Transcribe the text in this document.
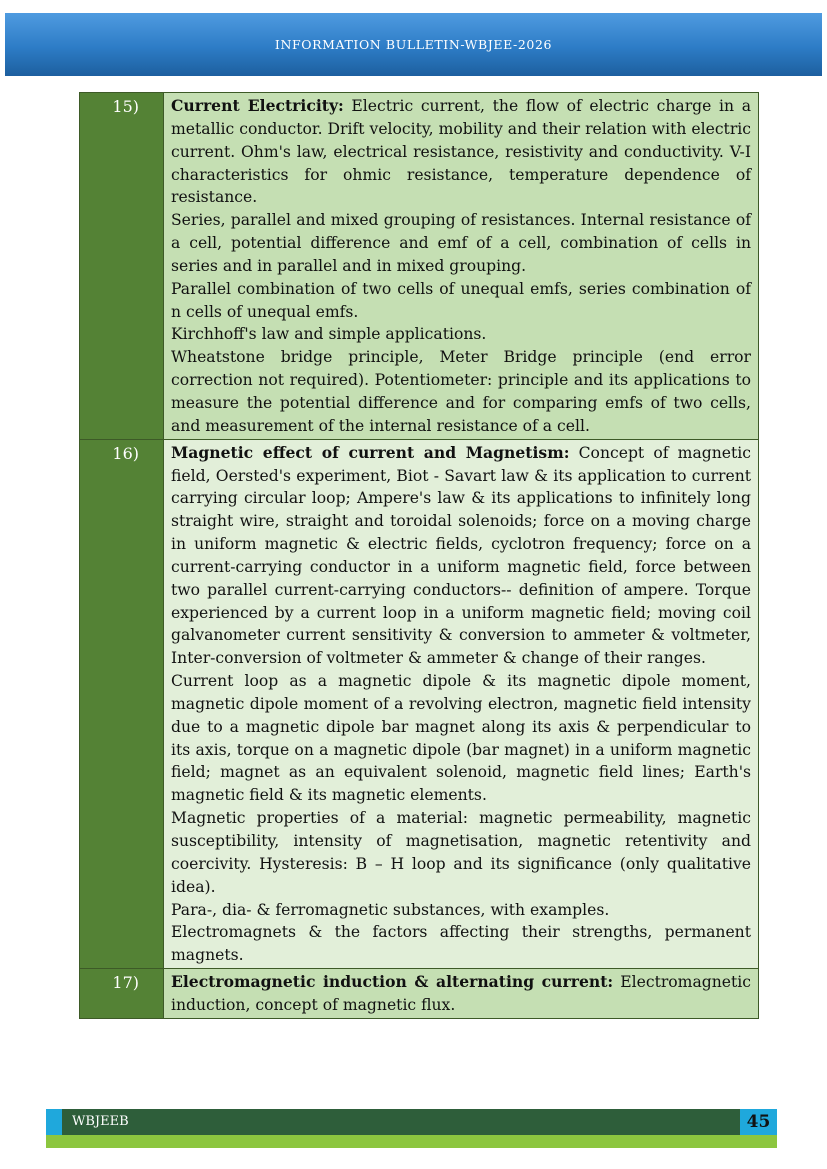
INFORMATION BULLETIN-WBJEE-2026
15)	Current Electricity: Electric current, the flow of electric charge in a metallic conductor. Drift velocity, mobility and their relation with electric current. Ohm's law, electrical resistance, resistivity and conductivity. V-I characteristics for ohmic resistance, temperature dependence of resistance.

Series, parallel and mixed grouping of resistances. Internal resistance of a cell, potential difference and emf of a cell, combination of cells in series and in parallel and in mixed grouping.

Parallel combination of two cells of unequal emfs, series combination of n cells of unequal emfs.

Kirchhoff's law and simple applications.

Wheatstone bridge principle, Meter Bridge principle (end error correction not required). Potentiometer: principle and its applications to measure the potential difference and for comparing emfs of two cells, and measurement of the internal resistance of a cell.

16)	Magnetic effect of current and Magnetism: Concept of magnetic field, Oersted's experiment, Biot - Savart law & its application to current carrying circular loop; Ampere's law & its applications to infinitely long straight wire, straight and toroidal solenoids; force on a moving charge in uniform magnetic & electric fields, cyclotron frequency; force on a current-carrying conductor in a uniform magnetic field, force between two parallel current-carrying conductors-- definition of ampere. Torque experienced by a current loop in a uniform magnetic field; moving coil galvanometer current sensitivity & conversion to ammeter & voltmeter, Inter-conversion of voltmeter & ammeter & change of their ranges.

Current loop as a magnetic dipole & its magnetic dipole moment, magnetic dipole moment of a revolving electron, magnetic field intensity due to a magnetic dipole bar magnet along its axis & perpendicular to its axis, torque on a magnetic dipole (bar magnet) in a uniform magnetic field; magnet as an equivalent solenoid, magnetic field lines; Earth's magnetic field & its magnetic elements.

Magnetic properties of a material: magnetic permeability, magnetic susceptibility, intensity of magnetisation, magnetic retentivity and coercivity. Hysteresis: B – H loop and its significance (only qualitative idea).

Para-, dia- & ferromagnetic substances, with examples.

Electromagnets & the factors affecting their strengths, permanent magnets.

17)	Electromagnetic induction & alternating current: Electromagnetic induction, concept of magnetic flux.

WBJEEB	45
